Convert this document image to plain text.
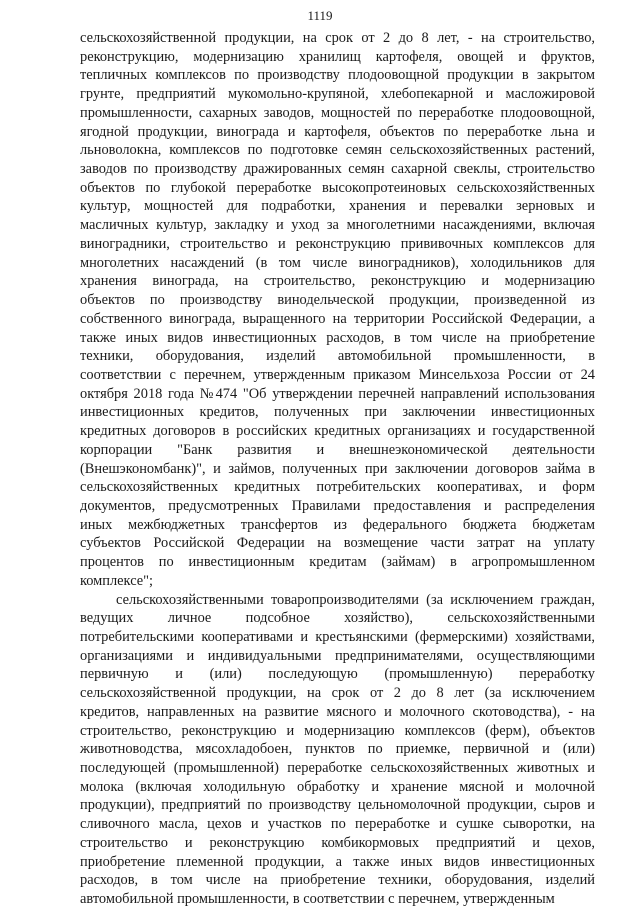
1119
сельскохозяйственной продукции, на срок от 2 до 8 лет, - на строительство,
реконструкцию, модернизацию хранилищ картофеля, овощей и фруктов,
тепличных комплексов по производству плодоовощной продукции в закрытом
грунте, предприятий мукомольно-крупяной, хлебопекарной и масложировой
промышленности, сахарных заводов, мощностей по переработке плодоовощной,
ягодной продукции, винограда и картофеля, объектов по переработке льна и
льноволокна, комплексов по подготовке семян сельскохозяйственных растений,
заводов по производству дражированных семян сахарной свеклы, строительство
объектов по глубокой переработке высокопротеиновых сельскохозяйственных
культур, мощностей для подработки, хранения и перевалки зерновых и
масличных культур, закладку и уход за многолетними насаждениями, включая
виноградники, строительство и реконструкцию прививочных комплексов для
многолетних насаждений (в том числе виноградников), холодильников для
хранения винограда, на строительство, реконструкцию и модернизацию
объектов по производству винодельческой продукции, произведенной из
собственного винограда, выращенного на территории Российской Федерации, а
также иных видов инвестиционных расходов, в том числе на приобретение
техники, оборудования, изделий автомобильной промышленности, в
соответствии с перечнем, утвержденным приказом Минсельхоза России от 24
октября 2018 года №474 "Об утверждении перечней направлений использования
инвестиционных кредитов, полученных при заключении инвестиционных
кредитных договоров в российских кредитных организациях и государственной
корпорации "Банк развития и внешнеэкономической деятельности
(Внешэкономбанк)", и займов, полученных при заключении договоров займа в
сельскохозяйственных кредитных потребительских кооперативах, и форм
документов, предусмотренных Правилами предоставления и распределения
иных межбюджетных трансфертов из федерального бюджета бюджетам
субъектов Российской Федерации на возмещение части затрат на уплату
процентов по инвестиционным кредитам (займам) в агропромышленном
комплексе";
сельскохозяйственными товаропроизводителями (за исключением граждан,
ведущих личное подсобное хозяйство), сельскохозяйственными
потребительскими кооперативами и крестьянскими (фермерскими) хозяйствами,
организациями и индивидуальными предпринимателями, осуществляющими
первичную и (или) последующую (промышленную) переработку
сельскохозяйственной продукции, на срок от 2 до 8 лет (за исключением
кредитов, направленных на развитие мясного и молочного скотоводства), - на
строительство, реконструкцию и модернизацию комплексов (ферм), объектов
животноводства, мясохладобоен, пунктов по приемке, первичной и (или)
последующей (промышленной) переработке сельскохозяйственных животных и
молока (включая холодильную обработку и хранение мясной и молочной
продукции), предприятий по производству цельномолочной продукции, сыров и
сливочного масла, цехов и участков по переработке и сушке сыворотки, на
строительство и реконструкцию комбикормовых предприятий и цехов,
приобретение племенной продукции, а также иных видов инвестиционных
расходов, в том числе на приобретение техники, оборудования, изделий
автомобильной промышленности, в соответствии с перечнем, утвержденным
